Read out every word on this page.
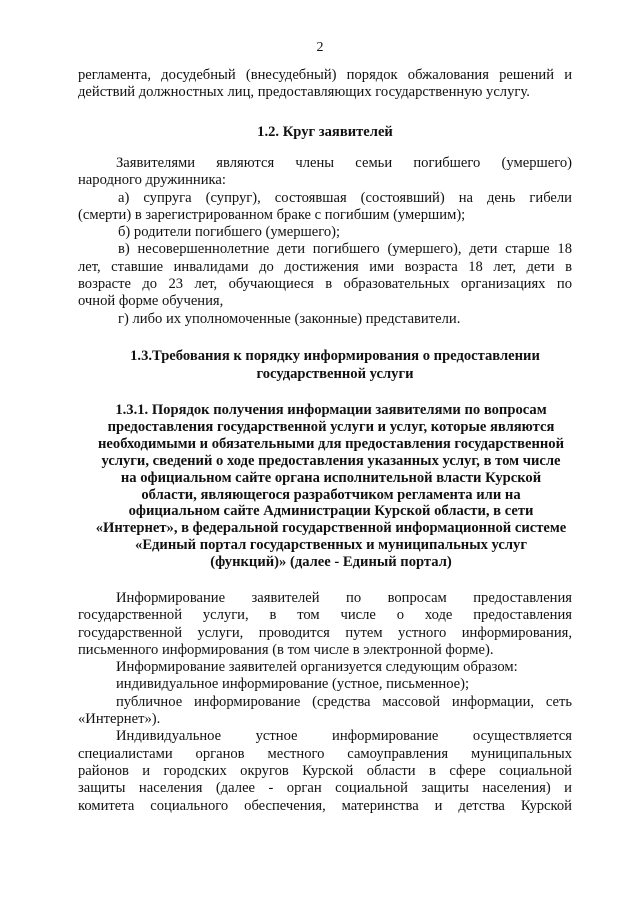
2
регламента, досудебный (внесудебный) порядок обжалования решений и
действий должностных лиц, предоставляющих государственную услугу.
1.2. Круг заявителей
Заявителями являются члены семьи погибшего (умершего)
народного дружинника:
а) супруга (супруг), состоявшая (состоявший) на день гибели
(смерти) в зарегистрированном браке с погибшим (умершим);
б) родители погибшего (умершего);
в) несовершеннолетние дети погибшего (умершего), дети старше 18
лет, ставшие инвалидами до достижения ими возраста 18 лет, дети в
возрасте до 23 лет, обучающиеся в образовательных организациях по
очной форме обучения,
г) либо их уполномоченные (законные) представители.
1.3.Требования к порядку информирования о предоставлении
государственной услуги
1.3.1. Порядок получения информации заявителями по вопросам
предоставления государственной услуги и услуг, которые являются
необходимыми и обязательными для предоставления государственной
услуги, сведений о ходе предоставления указанных услуг, в том числе
на официальном сайте органа исполнительной власти Курской
области, являющегося разработчиком регламента или на
официальном сайте Администрации Курской области, в сети
«Интернет», в федеральной государственной информационной системе
«Единый портал государственных и муниципальных услуг
(функций)» (далее - Единый портал)
Информирование заявителей по вопросам предоставления
государственной услуги, в том числе о ходе предоставления
государственной услуги, проводится путем устного информирования,
письменного информирования (в том числе в электронной форме).
Информирование заявителей организуется следующим образом:
индивидуальное информирование (устное, письменное);
публичное информирование (средства массовой информации, сеть
«Интернет»).
Индивидуальное устное информирование осуществляется
специалистами органов местного самоуправления муниципальных
районов и городских округов Курской области в сфере социальной
защиты населения (далее - орган социальной защиты населения) и
комитета социального обеспечения, материнства и детства Курской
